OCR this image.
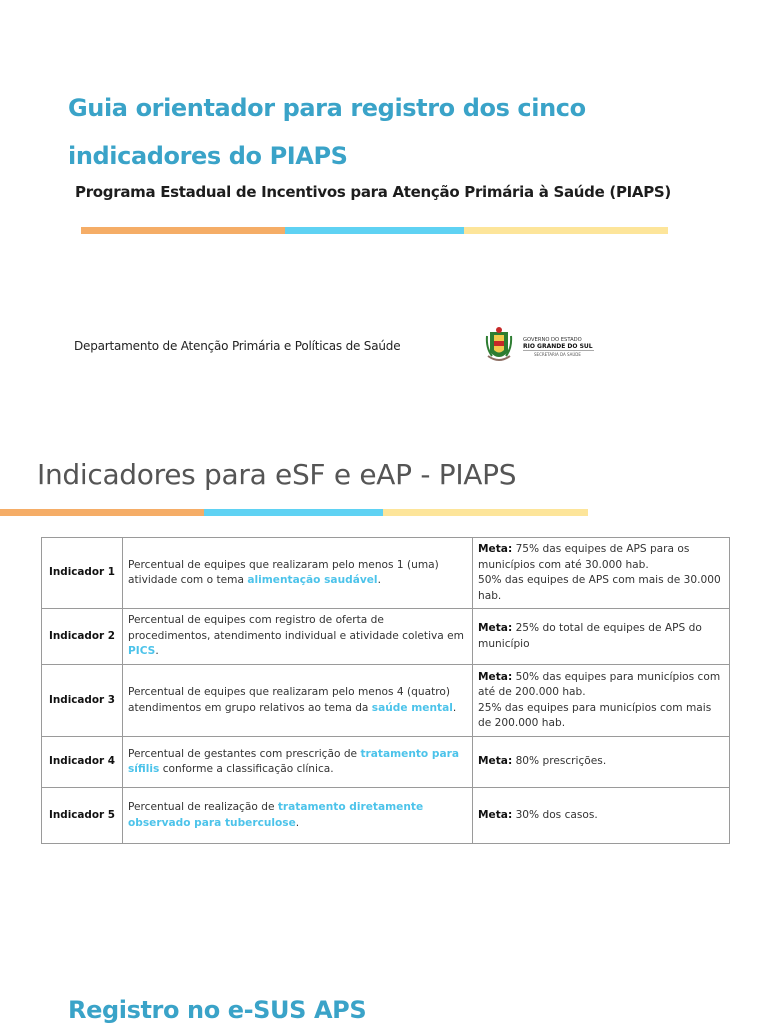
Guia orientador para registro dos cinco
indicadores do PIAPS

Programa Estadual de Incentivos para Atenção Primária à Saúde (PIAPS)

Departamento de Atenção Primária e Políticas de Saúde	GOVERNO DO ESTADO
RIO GRANDE DO SUL
SECRETARIA DA SAÚDE
Indicadores para eSF e eAP - PIAPS
Indicador 1	Percentual de equipes que realizaram pelo menos 1 (uma) atividade com o tema alimentação saudável.	Meta: 75% das equipes de APS para os municípios com até 30.000 hab.
50% das equipes de APS com mais de 30.000 hab.
Indicador 2	Percentual de equipes com registro de oferta de procedimentos, atendimento individual e atividade coletiva em PICS.	Meta: 25% do total de equipes de APS do município
Indicador 3	Percentual de equipes que realizaram pelo menos 4 (quatro) atendimentos em grupo relativos ao tema da saúde mental.	Meta: 50% das equipes para municípios com até de 200.000 hab.
25% das equipes para municípios com mais de 200.000 hab.
Indicador 4	Percentual de gestantes com prescrição de tratamento para sífilis conforme a classificação clínica.	Meta: 80% prescrições.
Indicador 5	Percentual de realização de tratamento diretamente observado para tuberculose.	Meta: 30% dos casos.
Registro no e-SUS APS
